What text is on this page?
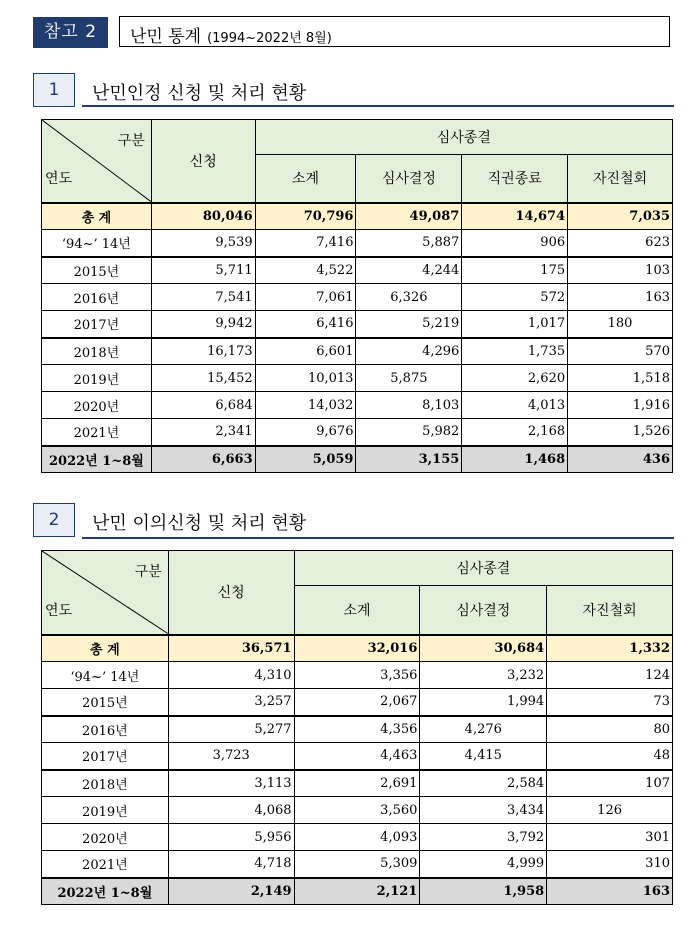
참고 2	난민 통계 (1994~2022년 8월)
1	난민인정 신청 및 처리 현황
구분
연도	신청	심사종결			
		소계	심사결정	직권종료	자진철회
총 계	80,046	70,796	49,087	14,674	7,035
‘94~’ 14년	9,539	7,416	5,887	906	623
2015년	5,711	4,522	4,244	175	103
2016년	7,541	7,061	6,326	572	163
2017년	9,942	6,416	5,219	1,017	180
2018년	16,173	6,601	4,296	1,735	570
2019년	15,452	10,013	5,875	2,620	1,518
2020년	6,684	14,032	8,103	4,013	1,916
2021년	2,341	9,676	5,982	2,168	1,526
2022년 1~8월	6,663	5,059	3,155	1,468	436
2	난민 이의신청 및 처리 현황
구분
연도	신청	심사종결		
		소계	심사결정	자진철회
총 계	36,571	32,016	30,684	1,332
‘94~’ 14년	4,310	3,356	3,232	124
2015년	3,257	2,067	1,994	73
2016년	5,277	4,356	4,276	80
2017년	3,723	4,463	4,415	48
2018년	3,113	2,691	2,584	107
2019년	4,068	3,560	3,434	126
2020년	5,956	4,093	3,792	301
2021년	4,718	5,309	4,999	310
2022년 1~8월	2,149	2,121	1,958	163
